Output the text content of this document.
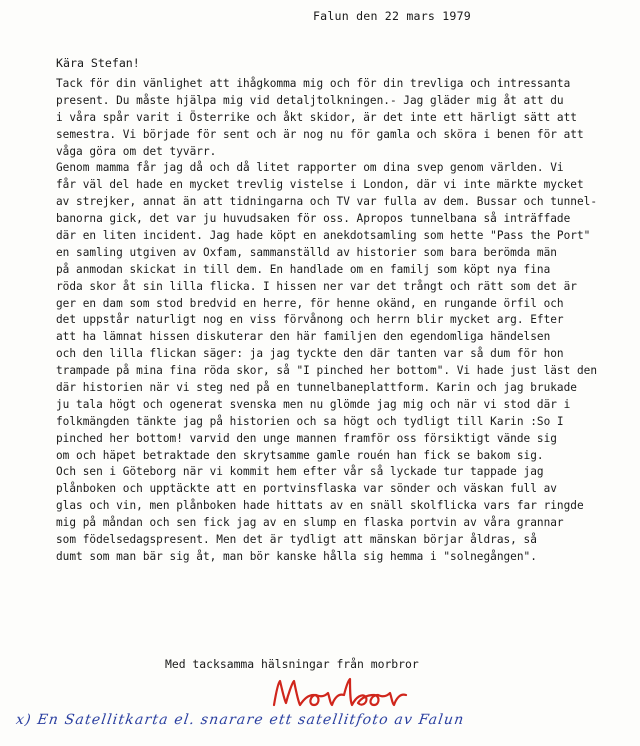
Falun den 22 mars 1979
Kära Stefan!
Tack för din vänlighet att ihågkomma mig och för din trevliga och intressanta
present. Du måste hjälpa mig vid detaljtolkningen.- Jag gläder mig åt att du
i våra spår varit i Österrike och åkt skidor, är det inte ett härligt sätt att
semestra. Vi började för sent och är nog nu för gamla och sköra i benen för att
våga göra om det tyvärr.
Genom mamma får jag då och då litet rapporter om dina svep genom världen. Vi
får väl del hade en mycket trevlig vistelse i London, där vi inte märkte mycket
av strejker, annat än att tidningarna och TV var fulla av dem. Bussar och tunnel-
banorna gick, det var ju huvudsaken för oss. Apropos tunnelbana så inträffade
där en liten incident. Jag hade köpt en anekdotsamling som hette "Pass the Port"
en samling utgiven av Oxfam, sammanställd av historier som bara berömda män
på anmodan skickat in till dem. En handlade om en familj som köpt nya fina
röda skor åt sin lilla flicka. I hissen ner var det trångt och rätt som det är
ger en dam som stod bredvid en herre, för henne okänd, en rungande örfil och
det uppstår naturligt nog en viss förvånong och herrn blir mycket arg. Efter
att ha lämnat hissen diskuterar den här familjen den egendomliga händelsen
och den lilla flickan säger: ja jag tyckte den där tanten var så dum för hon
trampade på mina fina röda skor, så "I pinched her bottom". Vi hade just läst den
där historien när vi steg ned på en tunnelbaneplattform. Karin och jag brukade
ju tala högt och ogenerat svenska men nu glömde jag mig och när vi stod där i
folkmängden tänkte jag på historien och sa högt och tydligt till Karin :So I
pinched her bottom! varvid den unge mannen framför oss försiktigt vände sig
om och häpet betraktade den skrytsamme gamle rouén han fick se bakom sig.
Och sen i Göteborg när vi kommit hem efter vår så lyckade tur tappade jag
plånboken och upptäckte att en portvinsflaska var sönder och väskan full av
glas och vin, men plånboken hade hittats av en snäll skolflicka vars far ringde
mig på måndan och sen fick jag av en slump en flaska portvin av våra grannar
som födelsedagspresent. Men det är tydligt att mänskan börjar åldras, så
dumt som man bär sig åt, man bör kanske hålla sig hemma i "solnegången".
Med tacksamma hälsningar från morbror
x) En Satellitkarta el. snarare ett satellitfoto av Falun
